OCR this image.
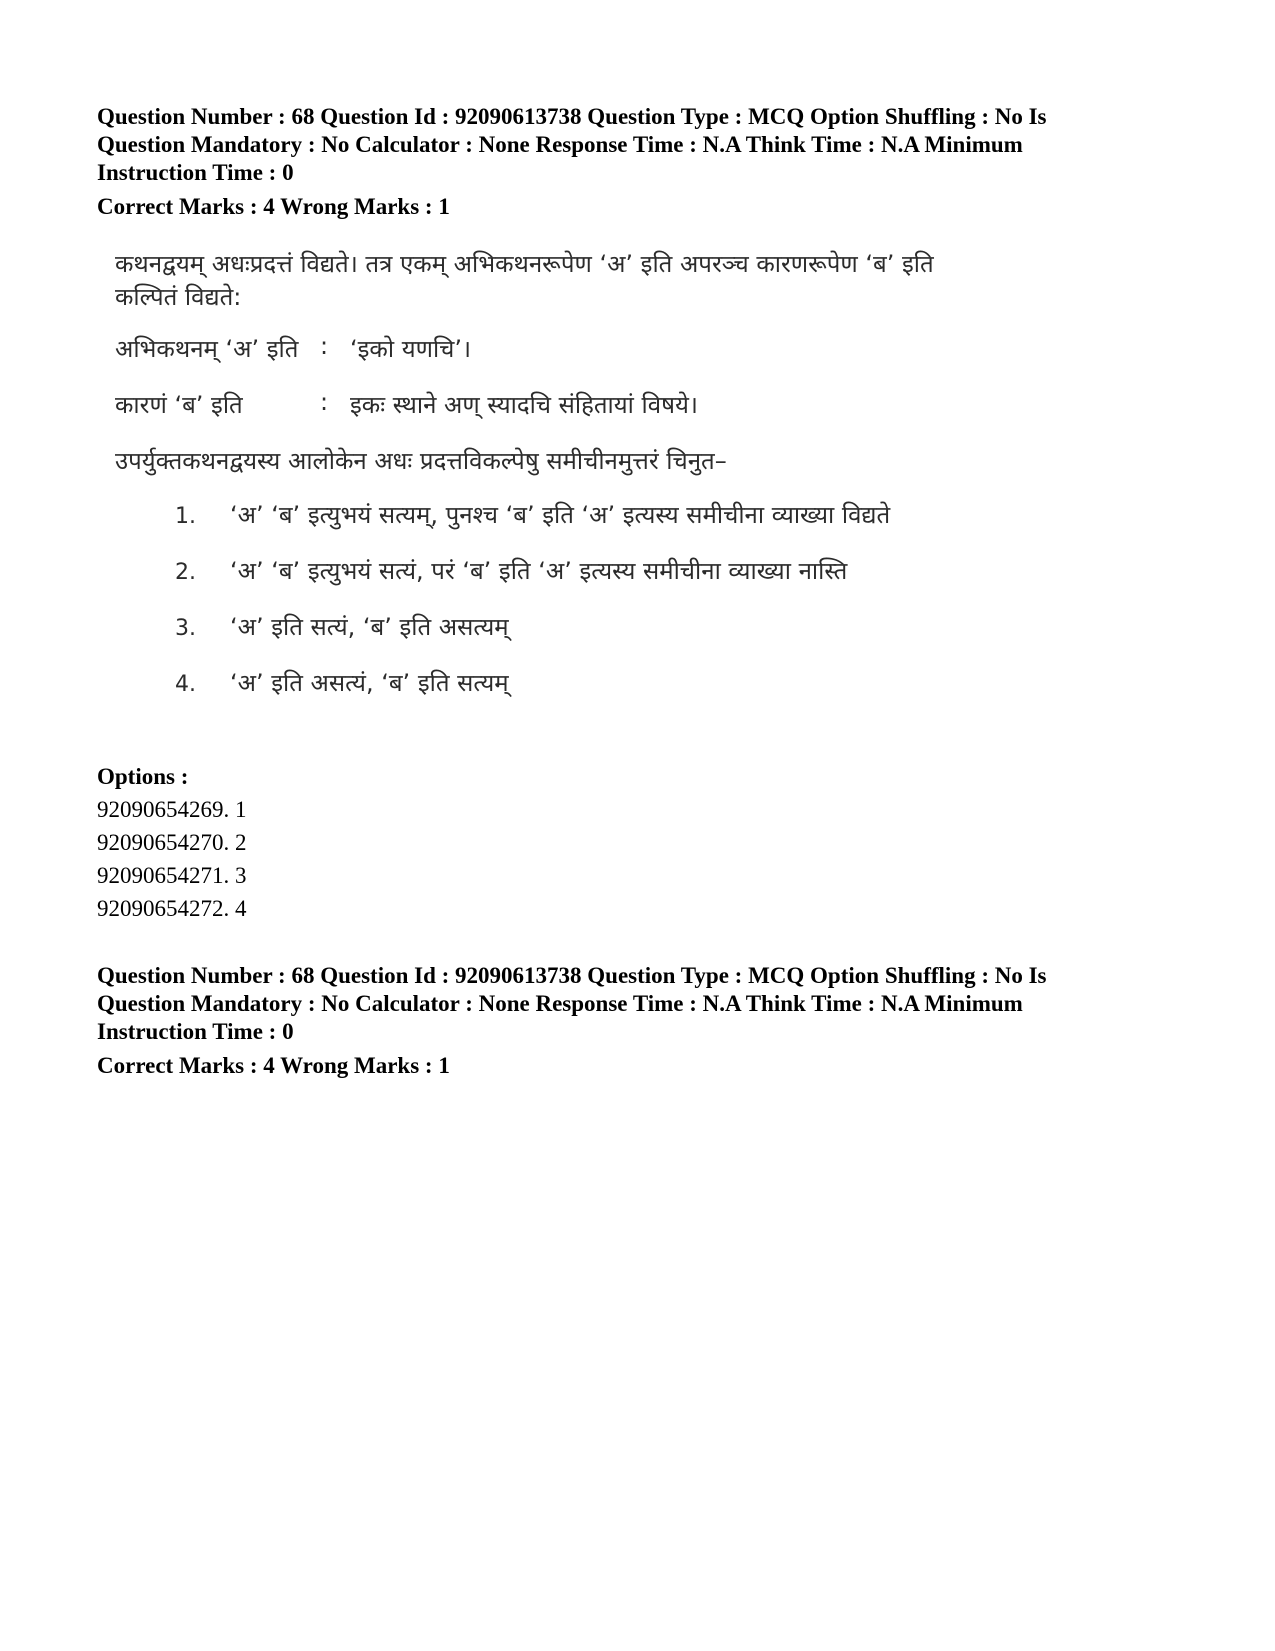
Question Number : 68 Question Id : 92090613738 Question Type : MCQ Option Shuffling : No Is
Question Mandatory : No Calculator : None Response Time : N.A Think Time : N.A Minimum
Instruction Time : 0
Correct Marks : 4 Wrong Marks : 1

कथनद्वयम् अधःप्रदत्तं विद्यते। तत्र एकम् अभिकथनरूपेण ‘अ’ इति अपरञ्च कारणरूपेण ‘ब’ इति
कल्पितं विद्यते:

अभिकथनम् ‘अ’ इति : ‘इको यणचि’।
कारणं ‘ब’ इति	: इकः स्थाने अण् स्यादचि संहितायां विषये।
उपर्युक्तकथनद्वयस्य आलोकेन अधः प्रदत्तविकल्पेषु समीचीनमुत्तरं चिनुत–
1. ‘अ’ ‘ब’ इत्युभयं सत्यम्, पुनश्च ‘ब’ इति ‘अ’ इत्यस्य समीचीना व्याख्या विद्यते
2. ‘अ’ ‘ब’ इत्युभयं सत्यं, परं ‘ब’ इति ‘अ’ इत्यस्य समीचीना व्याख्या नास्ति
3. ‘अ’ इति सत्यं, ‘ब’ इति असत्यम्
4. ‘अ’ इति असत्यं, ‘ब’ इति सत्यम्
Options :
92090654269. 1
92090654270. 2
92090654271. 3
92090654272. 4
Question Number : 68 Question Id : 92090613738 Question Type : MCQ Option Shuffling : No Is
Question Mandatory : No Calculator : None Response Time : N.A Think Time : N.A Minimum
Instruction Time : 0
Correct Marks : 4 Wrong Marks : 1
